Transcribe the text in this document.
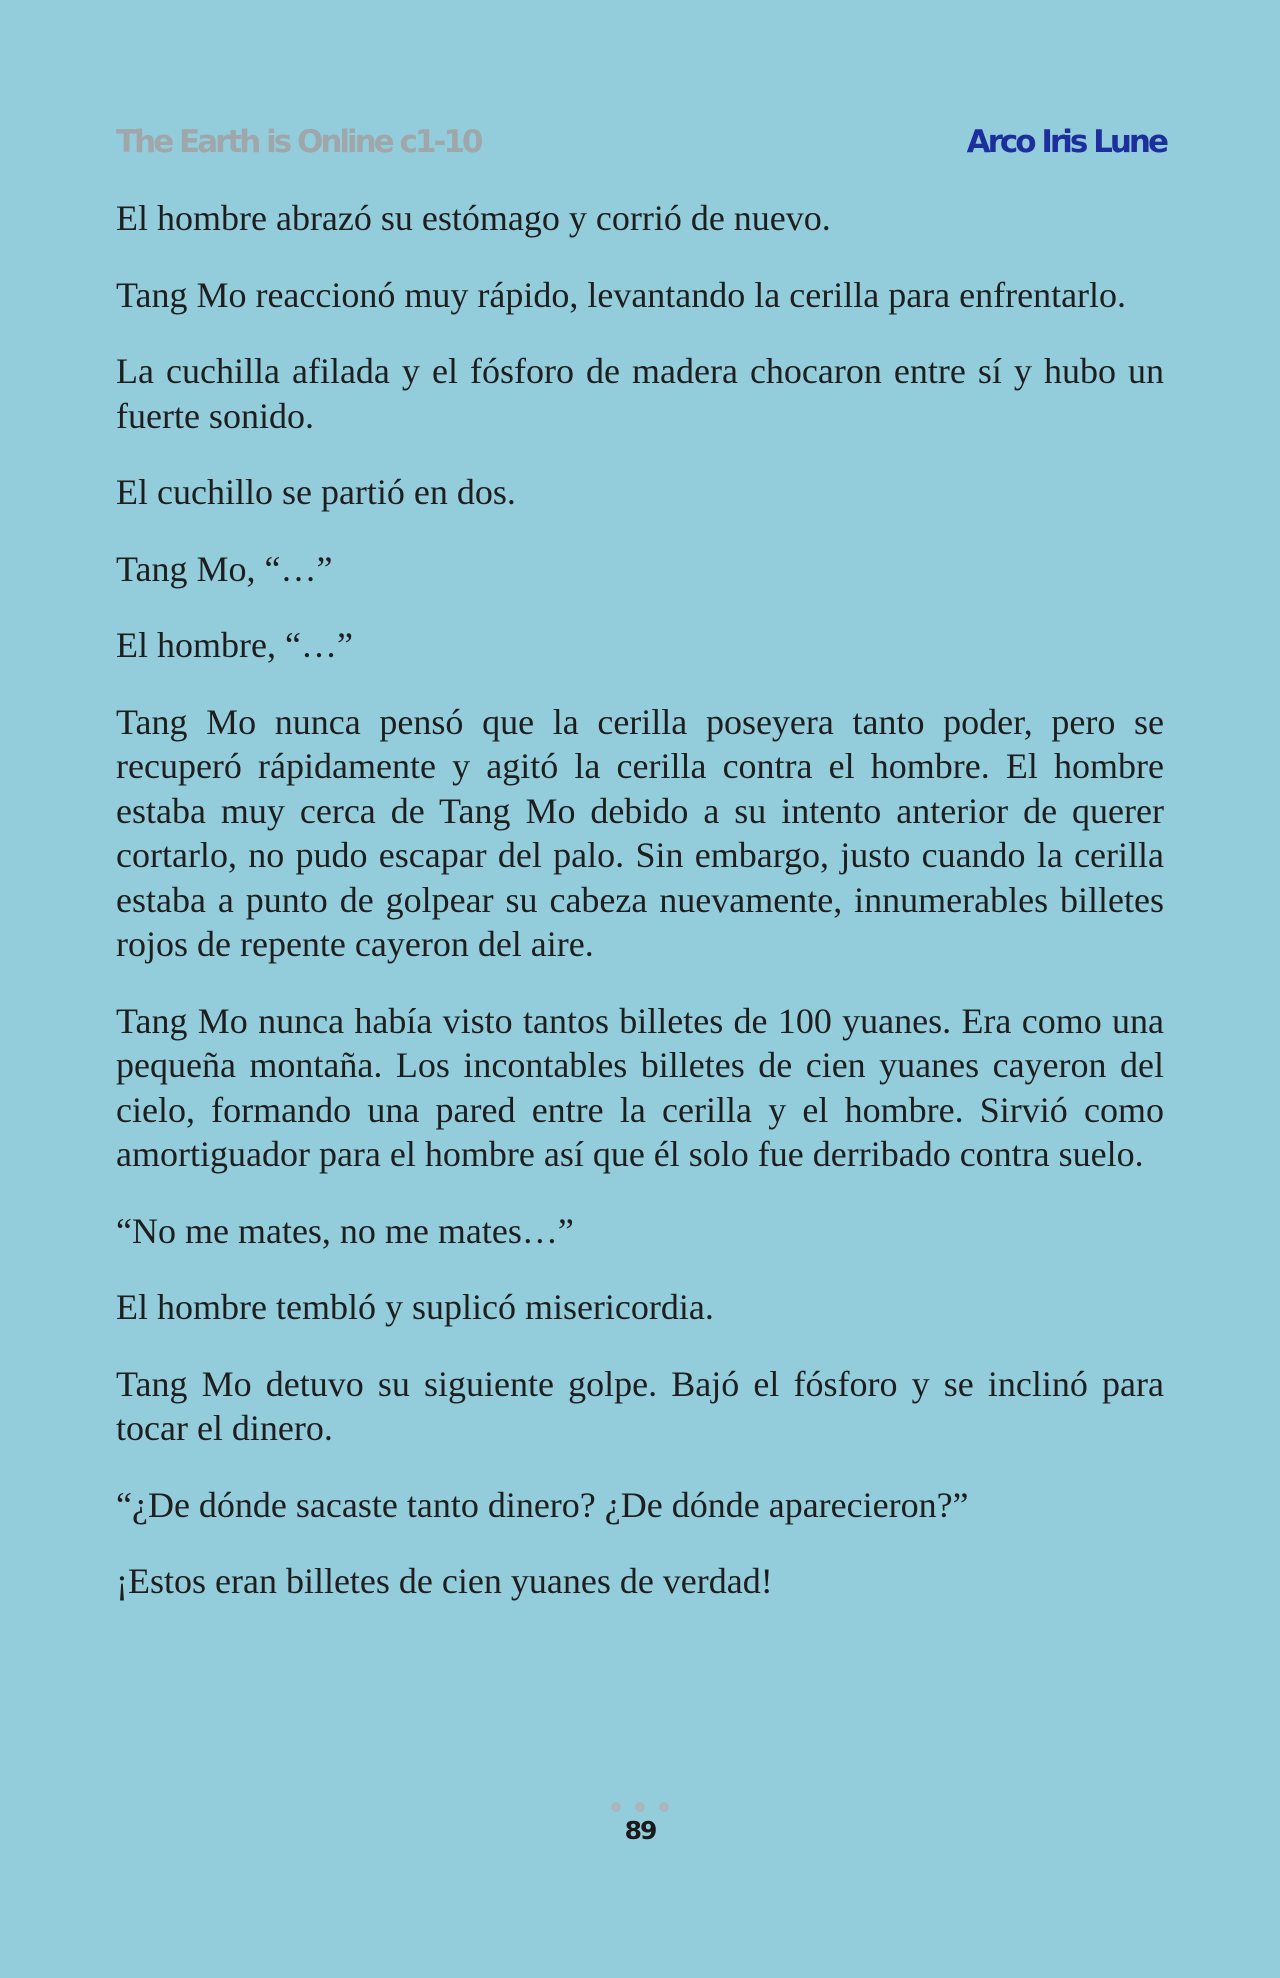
The Earth is Online c1-10	Arco Iris Lune

El hombre abrazó su estómago y corrió de nuevo.

Tang Mo reaccionó muy rápido, levantando la cerilla para enfrentarlo.

La cuchilla afilada y el fósforo de madera chocaron entre sí y hubo un fuerte sonido.

El cuchillo se partió en dos.

Tang Mo, “…”

El hombre, “…”

Tang Mo nunca pensó que la cerilla poseyera tanto poder, pero se recuperó rápidamente y agitó la cerilla contra el hombre. El hombre estaba muy cerca de Tang Mo debido a su intento anterior de querer cortarlo, no pudo escapar del palo. Sin embargo, justo cuando la cerilla estaba a punto de golpear su cabeza nuevamente, innumerables billetes rojos de repente cayeron del aire.

Tang Mo nunca había visto tantos billetes de 100 yuanes. Era como una pequeña montaña. Los incontables billetes de cien yuanes cayeron del cielo, formando una pared entre la cerilla y el hombre. Sirvió como amortiguador para el hombre así que él solo fue derribado contra suelo.

“No me mates, no me mates…”

El hombre tembló y suplicó misericordia.

Tang Mo detuvo su siguiente golpe. Bajó el fósforo y se inclinó para tocar el dinero.

“¿De dónde sacaste tanto dinero? ¿De dónde aparecieron?”

¡Estos eran billetes de cien yuanes de verdad!

89
